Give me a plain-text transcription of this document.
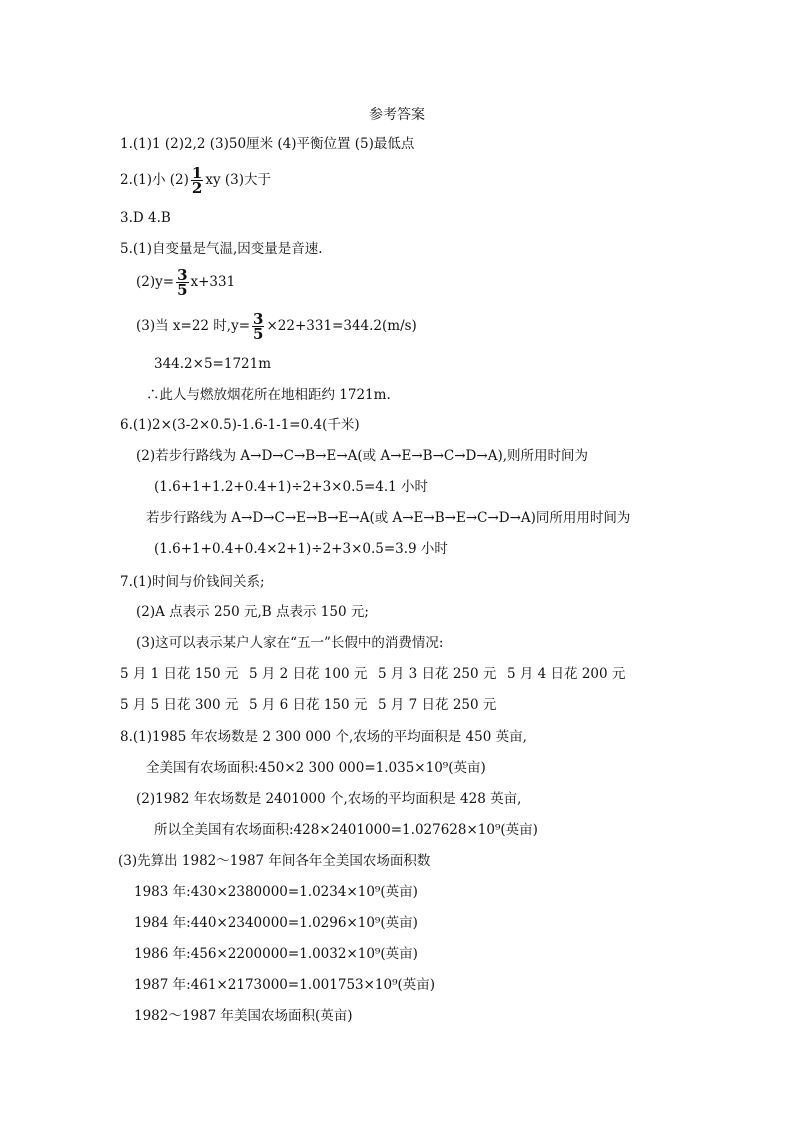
参考答案
1.(1)1 (2)2,2 (3)50厘米 (4)平衡位置 (5)最低点
2.(1)小 $(2) \frac{1}{2}$ xy (3)大于
3.D 4.B
5.(1)自变量是气温,因变量是音速.
$(2)y= \frac{3}{5} x+331$
(3)当 x=22 时$,y= \frac{3}{5} \times 22+331=344.2(m/s)$
344.2×5=1721m
∴此人与燃放烟花所在地相距约 1721m.
6.(1)2×(3-2×0.5)-1.6-1-1=0.4(千米)
(2)若步行路线为 A→D→C→B→E→A(或 A→E→B→C→D→A),则所用时间为
(1.6+1+1.2+0.4+1)÷2+3×0.5=4.1 小时
若步行路线为 A→D→C→E→B→E→A(或 A→E→B→E→C→D→A)同所用用时间为
(1.6+1+0.4+0.4×2+1)÷2+3×0.5=3.9 小时
7.(1)时间与价钱间关系;
(2)A 点表示 250 元,B 点表示 150 元;
(3)这可以表示某户人家在“五一”长假中的消费情况:
5 月 1 日花 150 元 5 月 2 日花 100 元 5 月 3 日花 250 元 5 月 4 日花 200 元
5 月 5 日花 300 元 5 月 6 日花 150 元 5 月 7 日花 250 元
8.(1)1985 年农场数是 2 300 000 个,农场的平均面积是 450 英亩,
全美国有农场面积:450×2 300 000=1.035×10⁹(英亩)
(2)1982 年农场数是 2401000 个,农场的平均面积是 428 英亩,
所以全美国有农场面积:428×2401000=1.027628×10⁹(英亩)
(3)先算出 1982～1987 年间各年全美国农场面积数
1983 年:430×2380000=1.0234×10⁹(英亩)
1984 年:440×2340000=1.0296×10⁹(英亩)
1986 年:456×2200000=1.0032×10⁹(英亩)
1987 年:461×2173000=1.001753×10⁹(英亩)
1982～1987 年美国农场面积(英亩)
